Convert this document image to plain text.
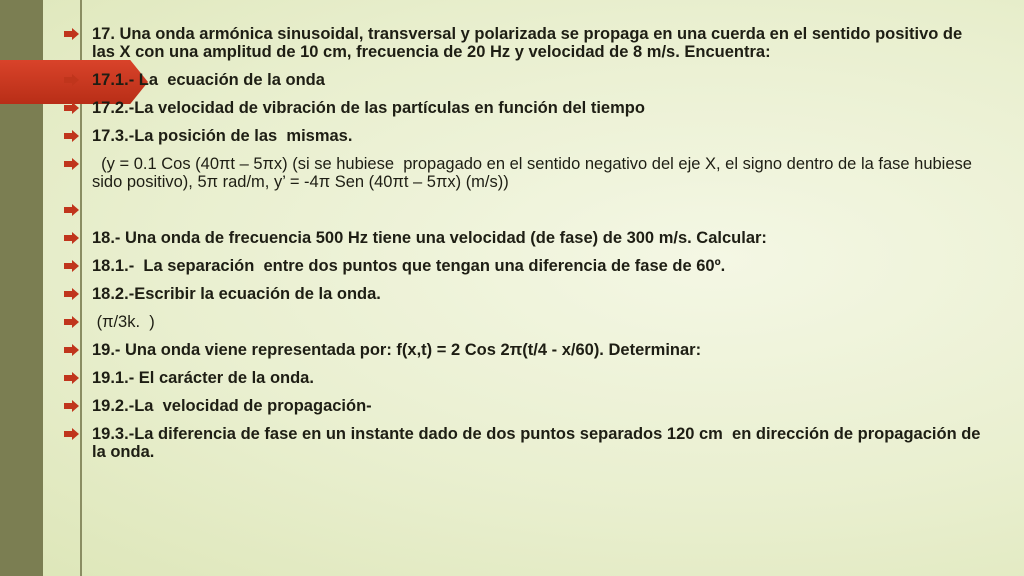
17. Una onda armónica sinusoidal, transversal y polarizada se propaga en una cuerda en el sentido positivo de las X con una amplitud de 10 cm, frecuencia de 20 Hz y velocidad de 8 m/s. Encuentra:
17.1.- La  ecuación de la onda
17.2.-La velocidad de vibración de las partículas en función del tiempo
17.3.-La posición de las  mismas.
(y = 0.1 Cos (40πt – 5πx) (si se hubiese  propagado en el sentido negativo del eje X, el signo dentro de la fase hubiese sido positivo), 5π rad/m, y’ = -4π Sen (40πt – 5πx) (m/s))
18.- Una onda de frecuencia 500 Hz tiene una velocidad (de fase) de 300 m/s. Calcular:
18.1.-  La separación  entre dos puntos que tengan una diferencia de fase de 60º.
18.2.-Escribir la ecuación de la onda.
(π/3k.  )
19.- Una onda viene representada por: f(x,t) = 2 Cos 2π(t/4 - x/60). Determinar:
19.1.- El carácter de la onda.
19.2.-La  velocidad de propagación-
19.3.-La diferencia de fase en un instante dado de dos puntos separados 120 cm  en dirección de propagación de la onda.
